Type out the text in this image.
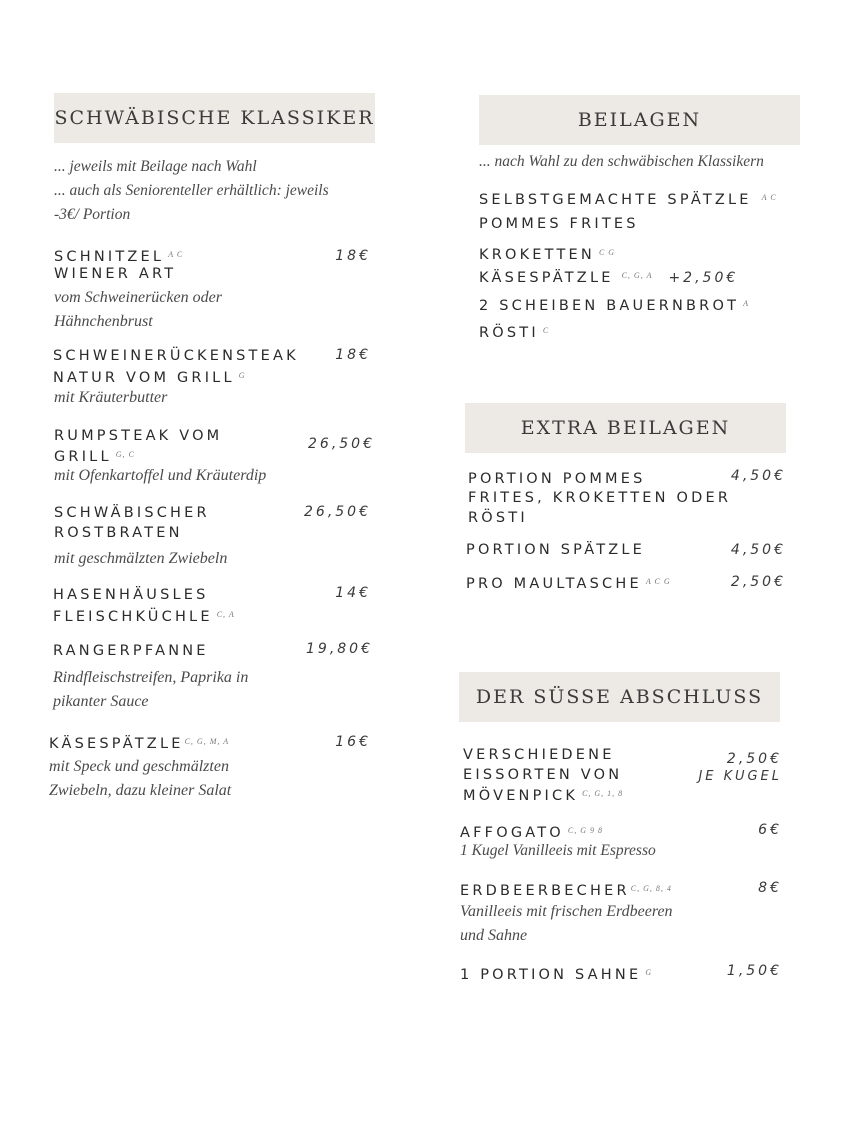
SCHWÄBISCHE KLASSIKER
... jeweils mit Beilage nach Wahl
... auch als Seniorenteller erhältlich: jeweils
-3€/ Portion
SCHNITZEL $^{A C}$
WIENER ART
18€
vom Schweinerücken oder
Hähnchenbrust
SCHWEINERÜCKENSTEAK
NATUR VOM GRILL $^G$
18€
mit Kräuterbutter
RUMPSTEAK VOM
GRILL $^{G, C}$
26,50€
mit Ofenkartoffel und Kräuterdip
SCHWÄBISCHER
ROSTBRATEN
26,50€
mit geschmälzten Zwiebeln
HASENHÄUSLES
FLEISCHKÜCHLE $^{C, A}$
14€
RANGERPFANNE	19,80€
Rindfleischstreifen, Paprika in
pikanter Sauce
$KÄSESPÄTZLE^{C, G, M, A}$	16€
mit Speck und geschmälzten
Zwiebeln, dazu kleiner Salat
BEILAGEN
... nach Wahl zu den schwäbischen Klassikern
SELBSTGEMACHTE SPÄTZLE $^{A C}$
POMMES FRITES
KROKETTEN $^{C G}$
KÄSESPÄTZLE $^{C, G, A}$ +2,50€
2 SCHEIBEN BAUERNBROT $^A$
RÖSTI $^C$
EXTRA BEILAGEN
PORTION POMMES
FRITES, KROKETTEN ODER
RÖSTI
4,50€
PORTION SPÄTZLE	4,50€
PRO MAULTASCHE $^{A C G}$	2,50€
DER SÜSSE ABSCHLUSS
VERSCHIEDENE
EISSORTEN VON
MÖVENPICK $^{C, G, 1, 8}$
2,50€
JE KUGEL
AFFOGATO $^{C, G 9 8}$	6€
1 Kugel Vanilleeis mit Espresso
$ERDBEERBECHER^{C, G, 8, 4}$	8€
Vanilleeis mit frischen Erdbeeren
und Sahne
1 PORTION SAHNE $^G$	1,50€
